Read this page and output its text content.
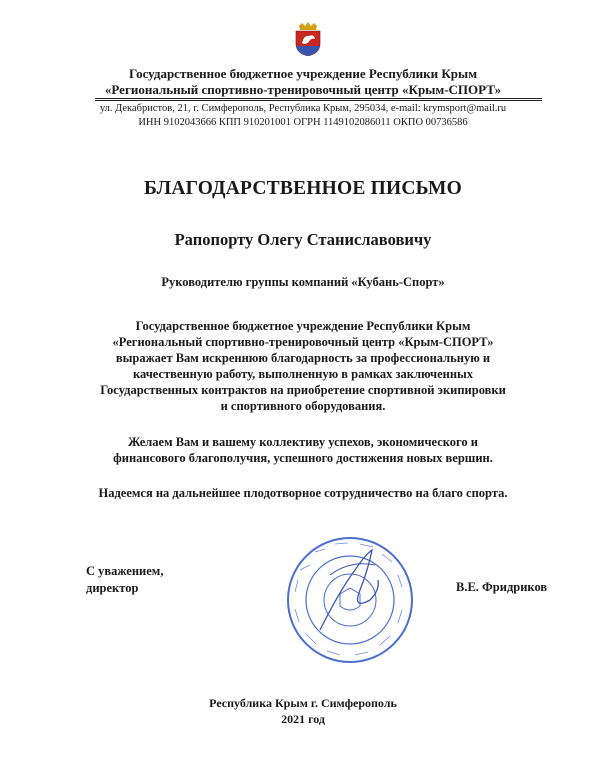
Государственное бюджетное учреждение Республики Крым
«Региональный спортивно-тренировочный центр «Крым-СПОРТ»
ул. Декабристов, 21, г. Симферополь, Республика Крым, 295034, e-mail: krymsport@mail.ru
ИНН 9102043666 КПП 910201001 ОГРН 1149102086011 ОКПО 00736586
БЛАГОДАРСТВЕННОЕ ПИСЬМО
Рапопорту Олегу Станиславовичу
Руководителю группы компаний «Кубань-Спорт»
Государственное бюджетное учреждение Республики Крым
«Региональный спортивно-тренировочный центр «Крым-СПОРТ»
выражает Вам искреннюю благодарность за профессиональную и
качественную работу, выполненную в рамках заключенных
Государственных контрактов на приобретение спортивной экипировки
и спортивного оборудования.
Желаем Вам и вашему коллективу успехов, экономического и
финансового благополучия, успешного достижения новых вершин.
Надеемся на дальнейшее плодотворное сотрудничество на благо спорта.
С уважением,
директор	В.Е. Фридриков
Республика Крым г. Симферополь
2021 год
